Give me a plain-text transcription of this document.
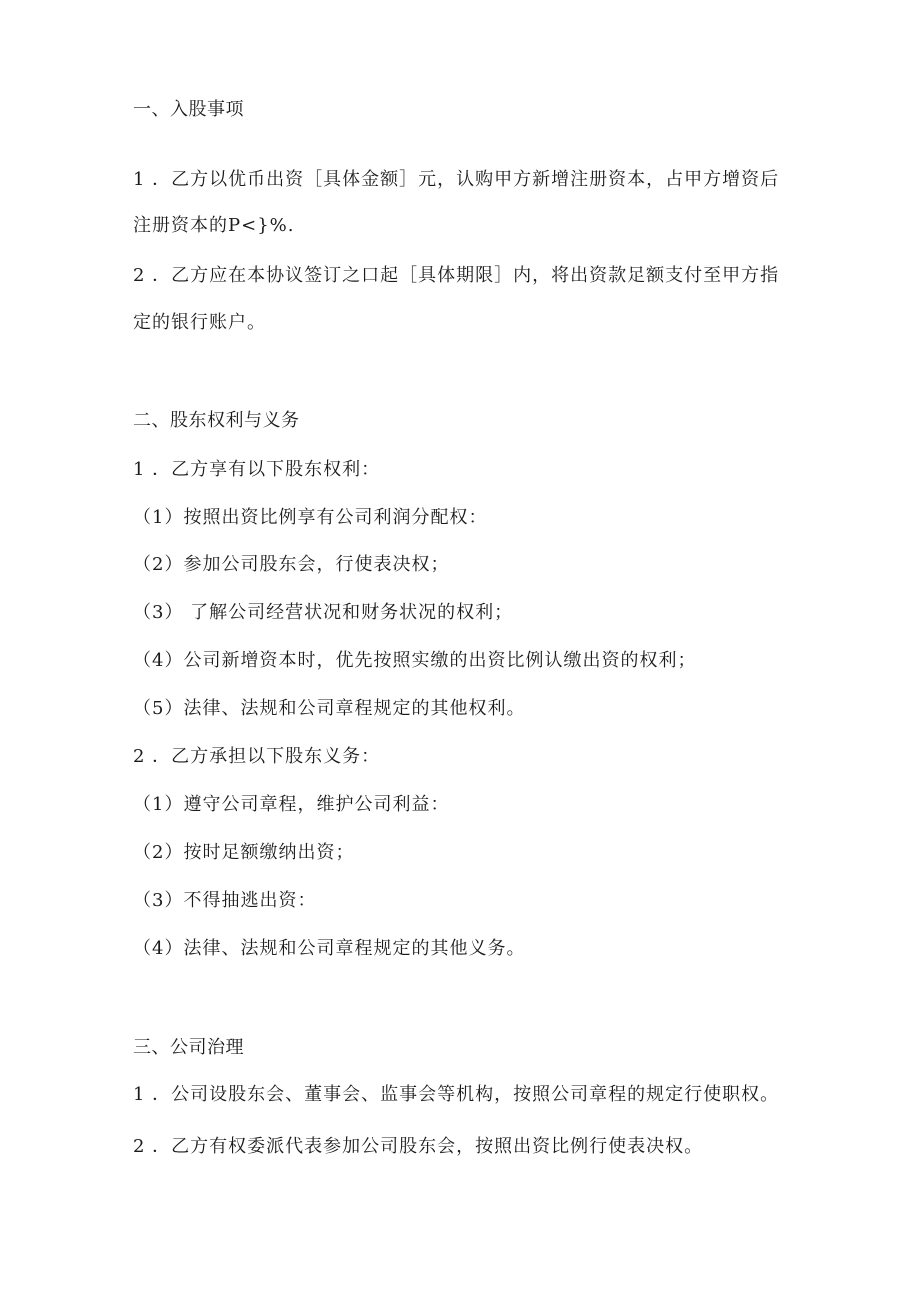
一、入股事项

1 ．乙方以优币出资［具体金额］元，认购甲方新增注册资本，占甲方增资后

注册资本的P<}%.

2 ．乙方应在本协议签订之口起［具体期限］内，将出资款足额支付至甲方指

定的银行账户。

二、股东权利与义务

1 ．乙方享有以下股东权利：

（1）按照出资比例享有公司利润分配权：

（2）参加公司股东会，行使表决权；

（3） 了解公司经营状况和财务状况的权利；

（4）公司新增资本时，优先按照实缴的出资比例认缴出资的权利；

（5）法律、法规和公司章程规定的其他权利。

2 ．乙方承担以下股东义务：

（1）遵守公司章程，维护公司利益：

（2）按时足额缴纳出资；

（3）不得抽逃出资：

（4）法律、法规和公司章程规定的其他义务。

三、公司治理

1 ．公司设股东会、董事会、监事会等机构，按照公司章程的规定行使职权。

2 ．乙方有权委派代表参加公司股东会，按照出资比例行使表决权。
